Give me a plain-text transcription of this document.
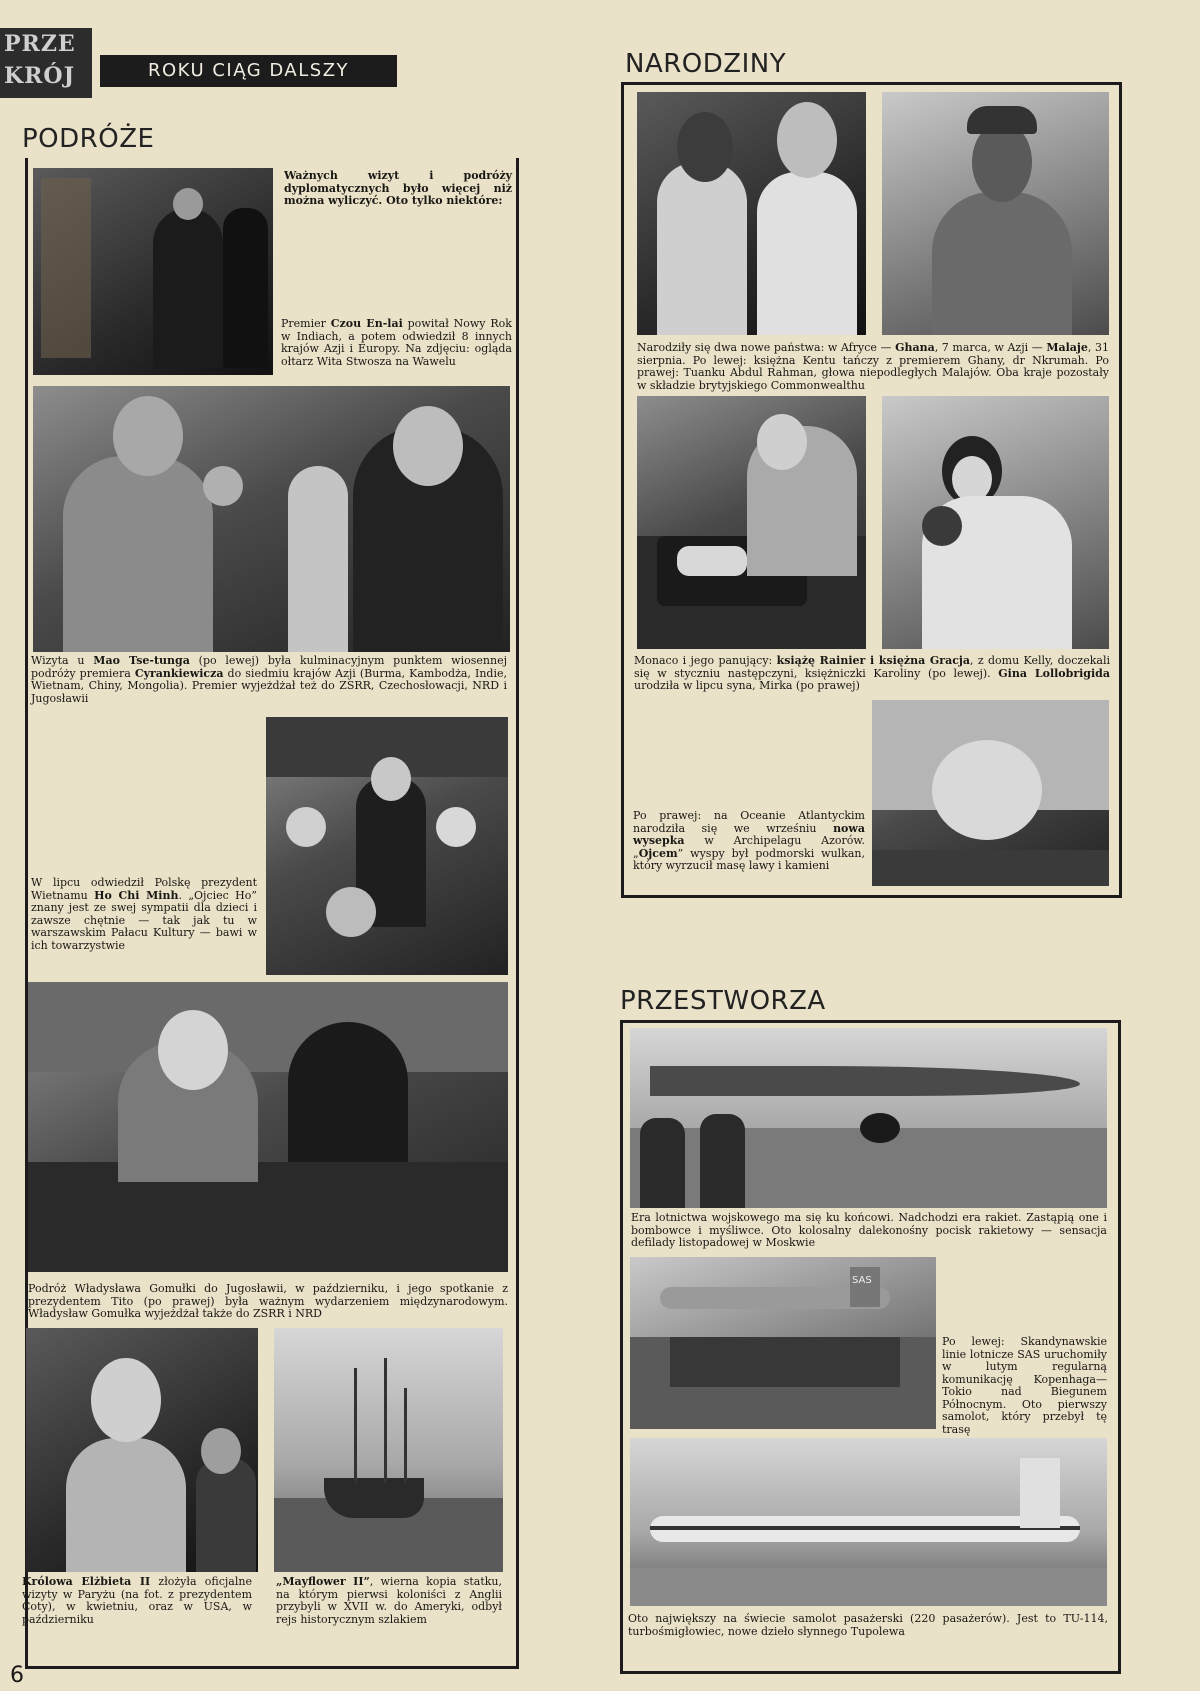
PRZE
KRÓJ	ROKU CIĄG DALSZY
PODRÓŻE
Ważnych wizyt i podróży dyplomatycznych było więcej niż można wyliczyć. Oto tylko niektóre:
Premier Czou En-lai powitał Nowy Rok w Indiach, a potem odwiedził 8 innych krajów Azji i Europy. Na zdjęciu: ogląda ołtarz Wita Stwosza na Wawelu
Wizyta u Mao Tse-tunga (po lewej) była kulminacyjnym punktem wiosennej podróży premiera Cyrankiewicza do siedmiu krajów Azji (Burma, Kambodża, Indie, Wietnam, Chiny, Mongolia). Premier wyjeżdżał też do ZSRR, Czechosłowacji, NRD i Jugosławii
W lipcu odwiedził Polskę prezydent Wietnamu Ho Chi Minh. „Ojciec Ho” znany jest ze swej sympatii dla dzieci i zawsze chętnie — tak jak tu w warszawskim Pałacu Kultury — bawi w ich towarzystwie
Podróż Władysława Gomułki do Jugosławii, w październiku, i jego spotkanie z prezydentem Tito (po prawej) była ważnym wydarzeniem międzynarodowym. Władysław Gomułka wyjeżdżał także do ZSRR i NRD
Królowa Elżbieta II złożyła oficjalne wizyty w Paryżu (na fot. z prezydentem Coty), w kwietniu, oraz w USA, w październiku
„Mayflower II”, wierna kopia statku, na którym pierwsi koloniści z Anglii przybyli w XVII w. do Ameryki, odbył rejs historycznym szlakiem
NARODZINY
Narodziły się dwa nowe państwa: w Afryce — Ghana, 7 marca, w Azji — Malaje, 31 sierpnia. Po lewej: księżna Kentu tańczy z premierem Ghany, dr Nkrumah. Po prawej: Tuanku Abdul Rahman, głowa niepodległych Malajów. Oba kraje pozostały w składzie brytyjskiego Commonwealthu
Monaco i jego panujący: książę Rainier i księżna Gracja, z domu Kelly, doczekali się w styczniu następczyni, księżniczki Karoliny (po lewej). Gina Lollobrigida urodziła w lipcu syna, Mirka (po prawej)
Po prawej: na Oceanie Atlantyckim narodziła się we wrześniu nowa wysepka w Archipelagu Azorów. „Ojcem” wyspy był podmorski wulkan, który wyrzucił masę lawy i kamieni
PRZESTWORZA
Era lotnictwa wojskowego ma się ku końcowi. Nadchodzi era rakiet. Zastąpią one i bombowce i myśliwce. Oto kolosalny dalekonośny pocisk rakietowy — sensacja defilady listopadowej w Moskwie
SAS
Po lewej: Skandynawskie linie lotnicze SAS uruchomiły w lutym regularną komunikację Kopenhaga—Tokio nad Biegunem Północnym. Oto pierwszy samolot, który przebył tę trasę
Oto największy na świecie samolot pasażerski (220 pasażerów). Jest to TU-114, turbośmigłowiec, nowe dzieło słynnego Tupolewa
6
